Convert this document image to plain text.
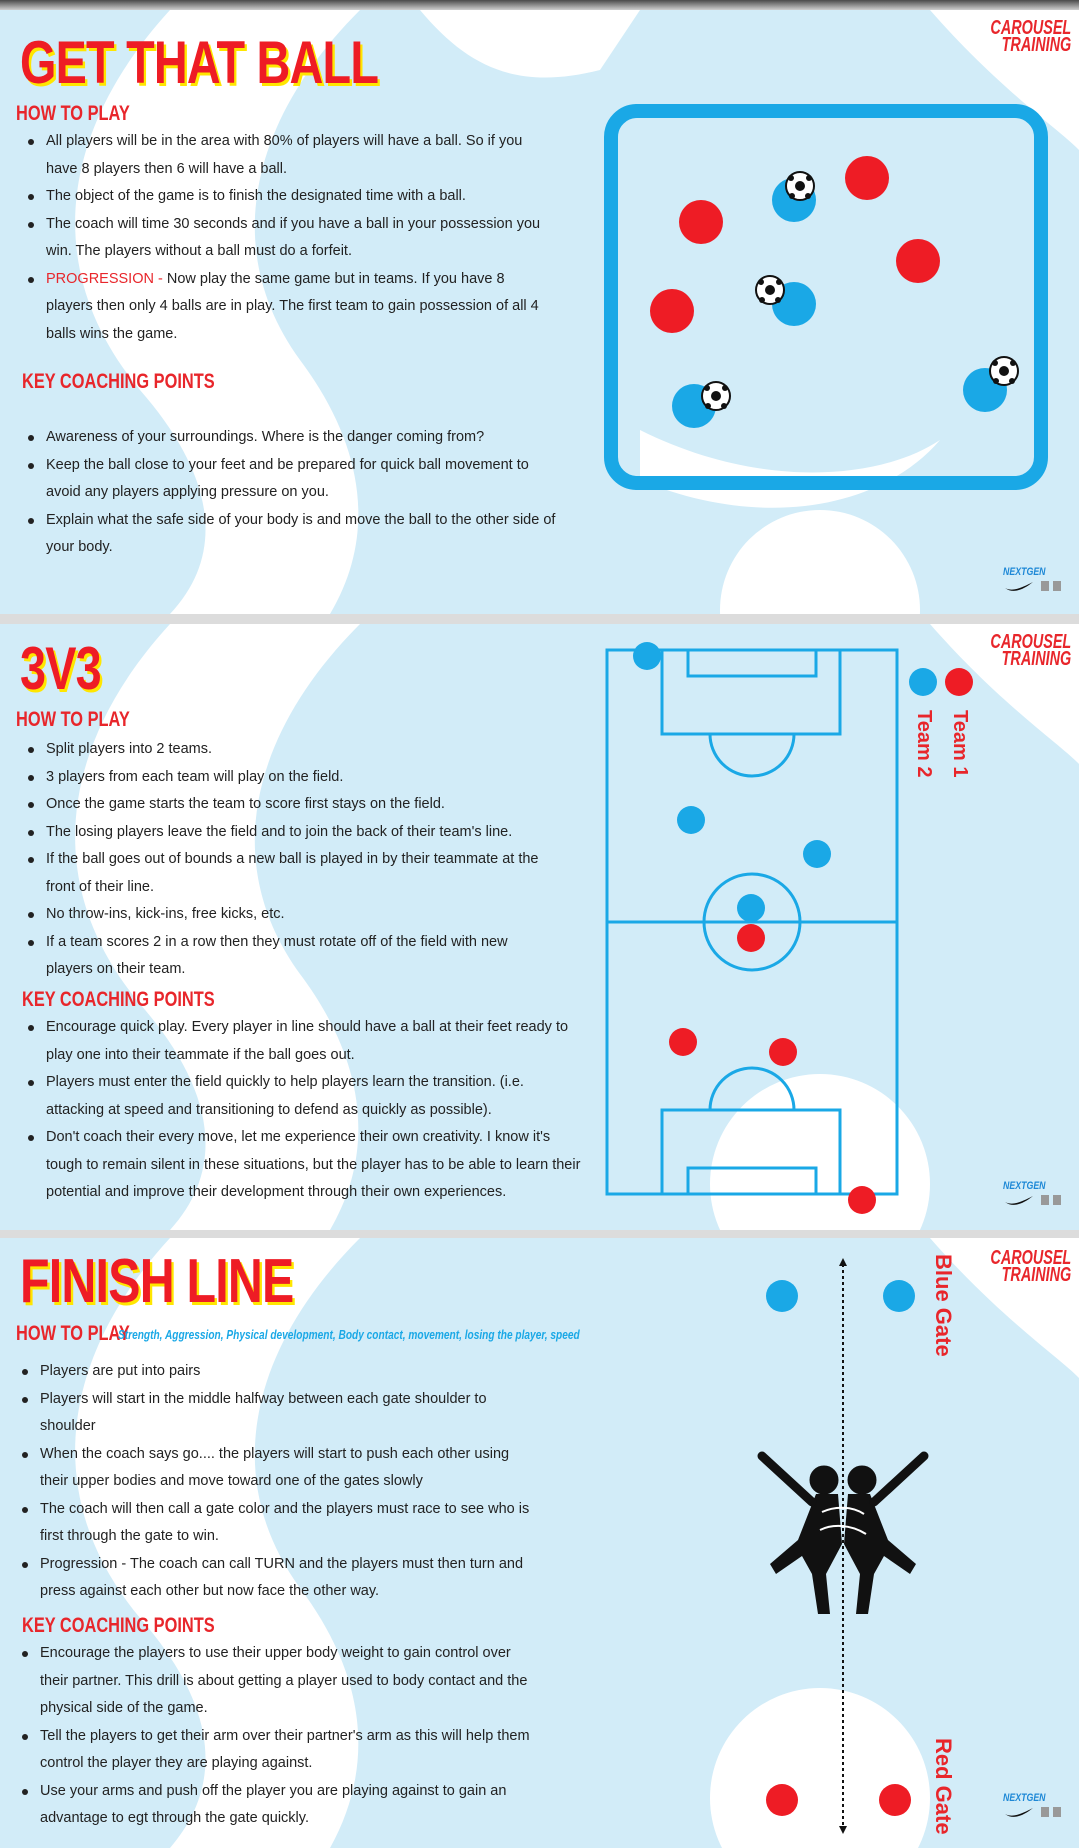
GET THAT BALL
CAROUSEL
TRAINING
HOW TO PLAY
All players will be in the area with 80% of players will have a ball. So if you have 8 players then 6 will have a ball.
The object of the game is to finish the designated time with a ball.
The coach will time 30 seconds and if you have a ball in your possession you win. The players without a ball must do a forfeit.
PROGRESSION - Now play the same game but in teams. If you have 8 players then only 4 balls are in play. The first team to gain possession of all 4 balls wins the game.
KEY COACHING POINTS
Awareness of your surroundings. Where is the danger coming from?
Keep the ball close to your feet and be prepared for quick ball movement to avoid any players applying pressure on you.
Explain what the safe side of your body is and move the ball to the other side of your body.
NEXTGEN
3V3	CAROUSEL
TRAINING
HOW TO PLAY
Split players into 2 teams.
3 players from each team will play on the field.
Once the game starts the team to score first stays on the field.
The losing players leave the field and to join the back of their team's line.
If the ball goes out of bounds a new ball is played in by their teammate at the front of their line.
No throw-ins, kick-ins, free kicks, etc.
If a team scores 2 in a row then they must rotate off of the field with new players on their team.
KEY COACHING POINTS
Encourage quick play. Every player in line should have a ball at their feet ready to play one into their teammate if the ball goes out.
Players must enter the field quickly to help players learn the transition. (i.e. attacking at speed and transitioning to defend as quickly as possible).
Don't coach their every move, let me experience their own creativity. I know it's tough to remain silent in these situations, but the player has to be able to learn their potential and improve their development through their own experiences.
Team 1
Team 2
NEXTGEN
FINISH LINE	CAROUSEL
TRAINING
HOW TO PLAY
Strength, Aggression, Physical development, Body contact, movement, losing the player, speed
Players are put into pairs
Players will start in the middle halfway between each gate shoulder to shoulder
When the coach says go.... the players will start to push each other using their upper bodies and move toward one of the gates slowly
The coach will then call a gate color and the players must race to see who is first through the gate to win.
Progression - The coach can call TURN and the players must then turn and press against each other but now face the other way.
KEY COACHING POINTS
Encourage the players to use their upper body weight to gain control over their partner. This drill is about getting a player used to body contact and the physical side of the game.
Tell the players to get their arm over their partner's arm as this will help them control the player they are playing against.
Use your arms and push off the player you are playing against to gain an advantage to egt through the gate quickly.
Blue Gate
Red Gate	NEXTGEN
